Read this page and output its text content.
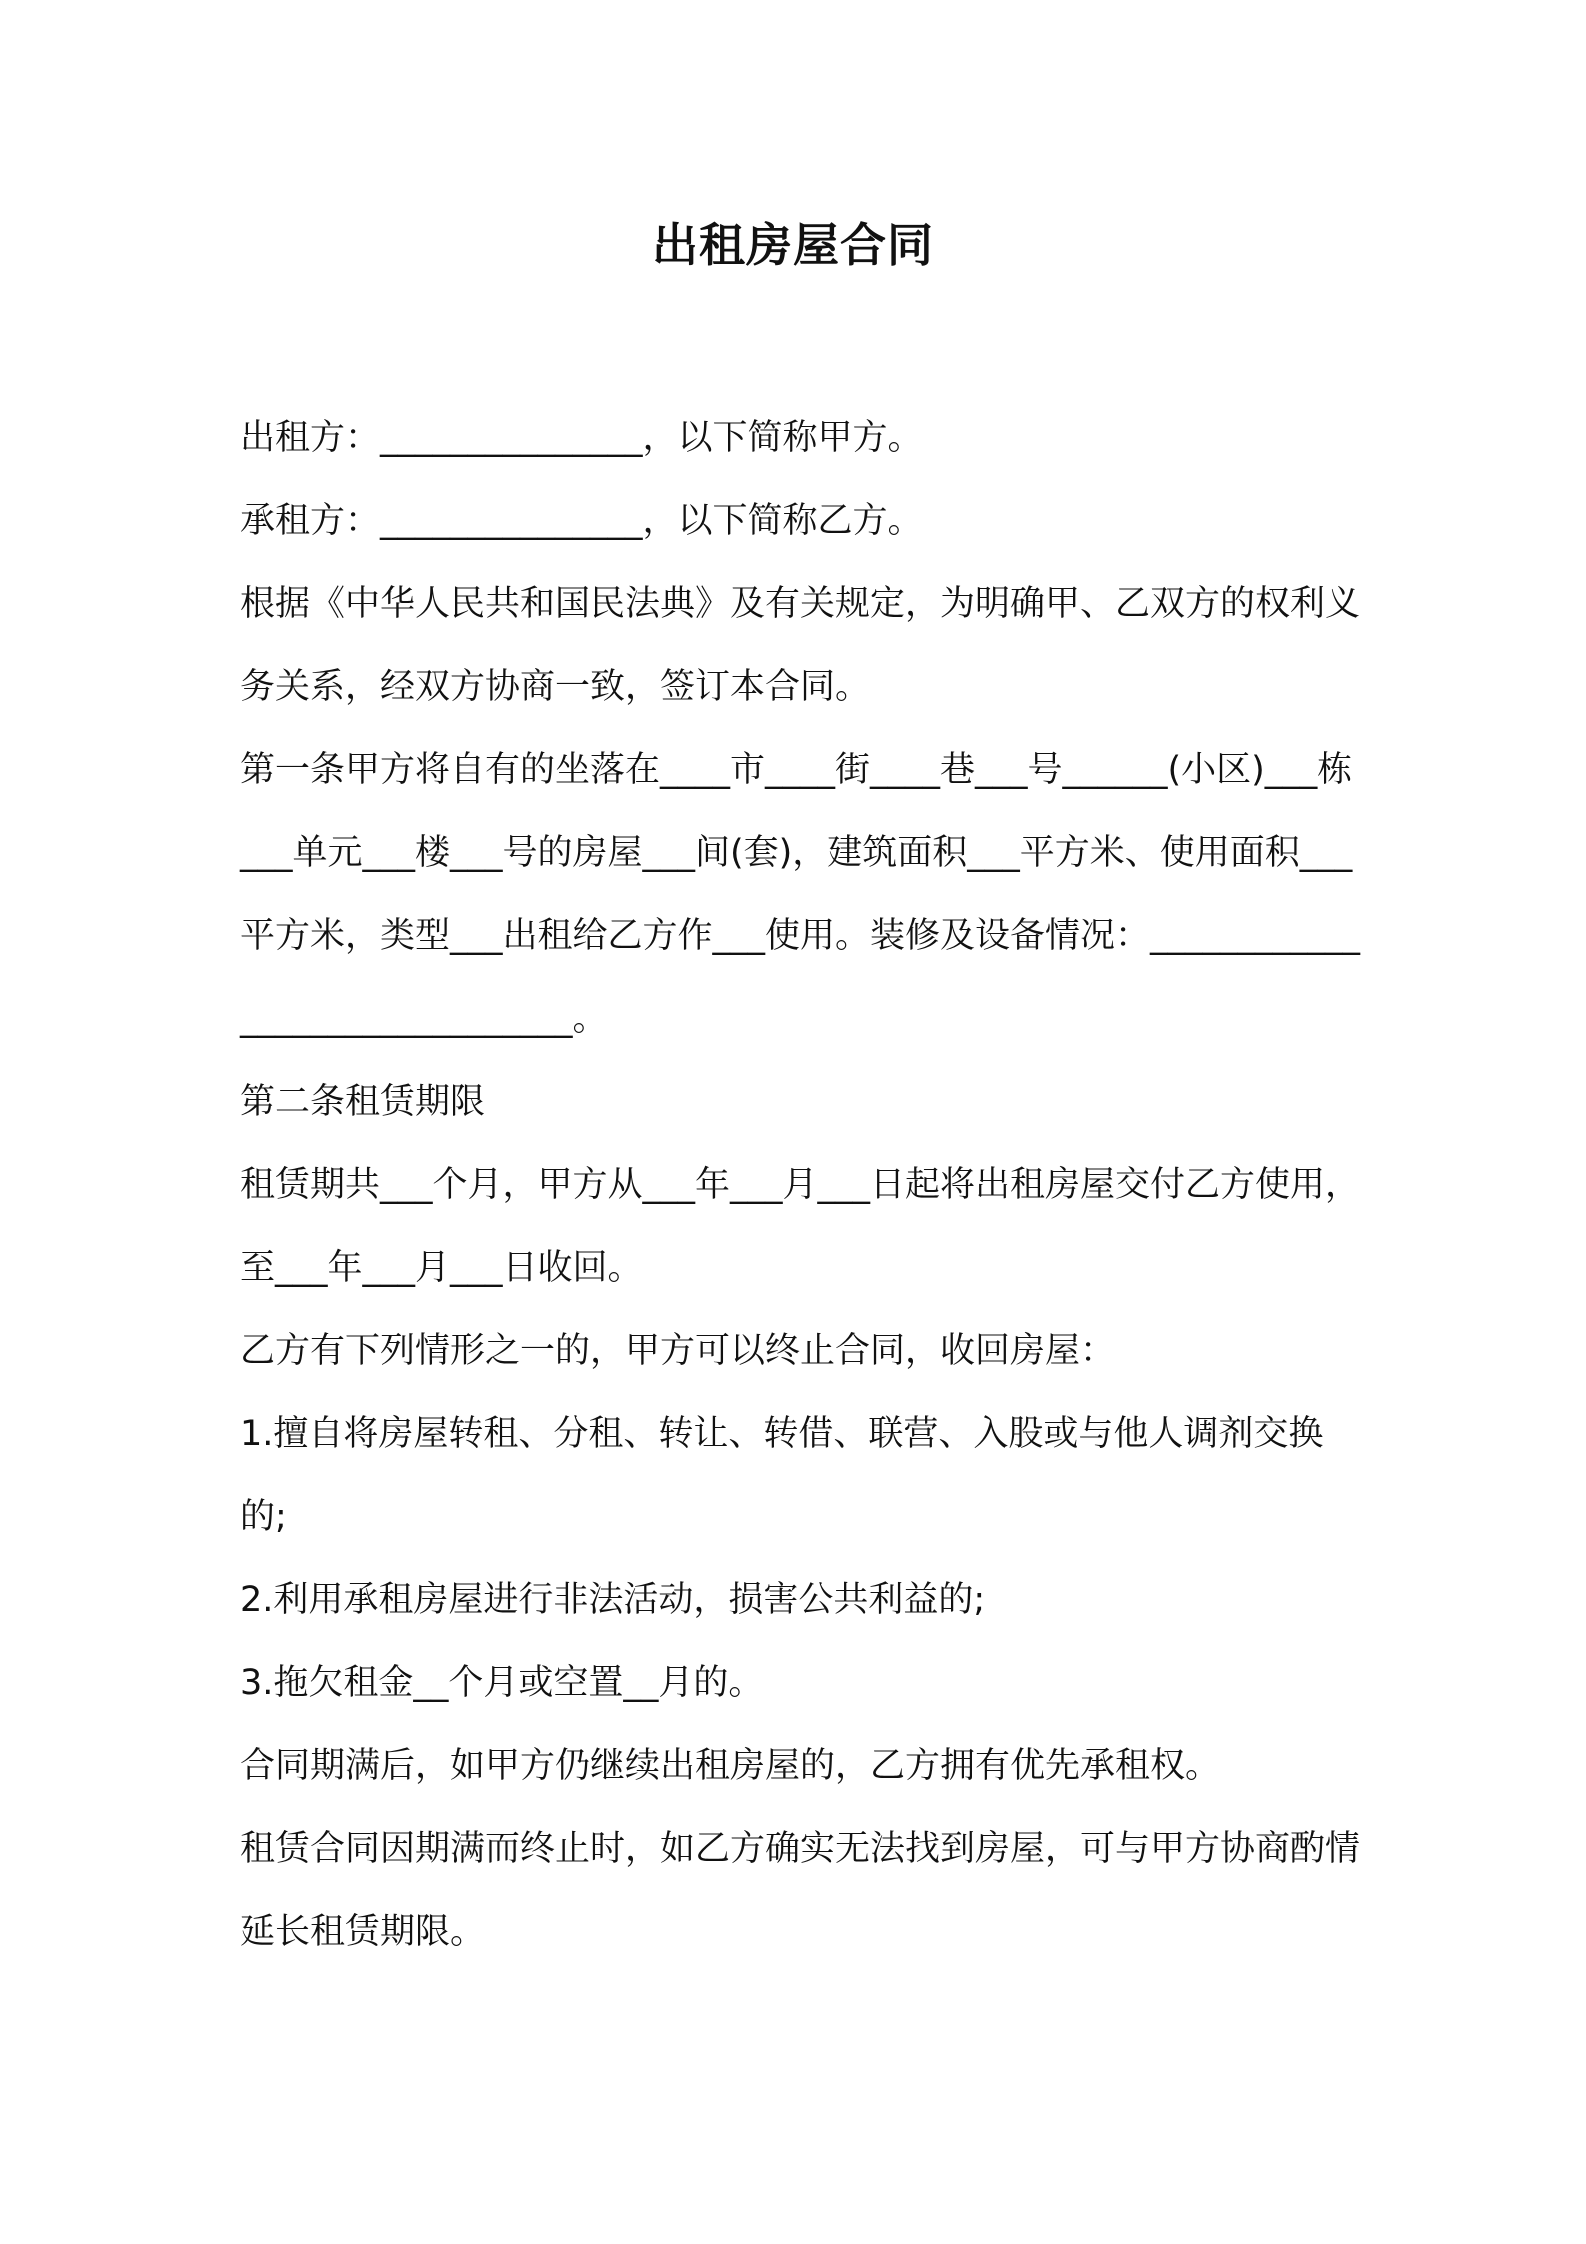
出租房屋合同

出租方：_______________，以下简称甲方。

承租方：_______________，以下简称乙方。

根据《中华人民共和国民法典》及有关规定，为明确甲、乙双方的权利义务关系，经双方协商一致，签订本合同。

第一条甲方将自有的坐落在____市____街____巷___号______(小区)___栋___单元___楼___号的房屋___间(套)，建筑面积___平方米、使用面积___平方米，类型___出租给乙方作___使用。装修及设备情况：_______________________________。

第二条租赁期限

租赁期共___个月，甲方从___年___月___日起将出租房屋交付乙方使用，至___年___月___日收回。

乙方有下列情形之一的，甲方可以终止合同，收回房屋：

1.擅自将房屋转租、分租、转让、转借、联营、入股或与他人调剂交换的;

2.利用承租房屋进行非法活动，损害公共利益的;

3.拖欠租金__个月或空置__月的。

合同期满后，如甲方仍继续出租房屋的，乙方拥有优先承租权。

租赁合同因期满而终止时，如乙方确实无法找到房屋，可与甲方协商酌情延长租赁期限。
